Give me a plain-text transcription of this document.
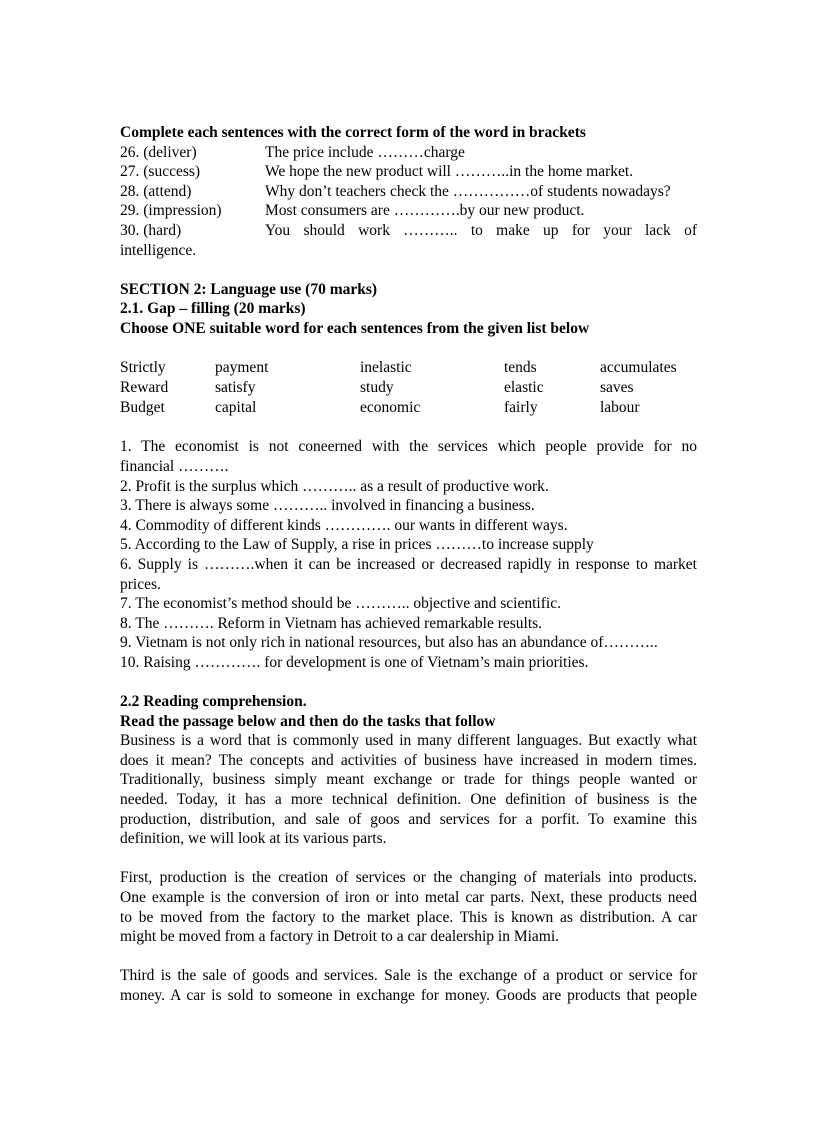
Complete each sentences with the correct form of the word in brackets

26. (deliver)	The price include ………charge
27. (success)	We hope the new product will ………..in the home market.
28. (attend)	Why don’t teachers check the ……………of students nowadays?
29. (impression)	Most consumers are ………….by our new product.
30. (hard)	You should work ……….. to make up for your lack of

intelligence.

SECTION 2: Language use (70 marks)

2.1. Gap – filling (20 marks)

Choose ONE suitable word for each sentences from the given list below

Strictly	payment	inelastic	tends	accumulates
Reward	satisfy	study	elastic	saves
Budget	capital	economic	fairly	labour

1. The economist is not coneerned with the services which people provide for no

financial ……….

2. Profit is the surplus which ……….. as a result of productive work.

3. There is always some ……….. involved in financing a business.

4. Commodity of different kinds …………. our wants in different ways.

5. According to the Law of Supply, a rise in prices ………to increase supply

6. Supply is ……….when it can be increased or decreased rapidly in response to market

prices.

7. The economist’s method should be ……….. objective and scientific.

8. The ………. Reform in Vietnam has achieved remarkable results.

9. Vietnam is not only rich in national resources, but also has an abundance of………..

10. Raising …………. for development is one of Vietnam’s main priorities.

2.2 Reading comprehension.

Read the passage below and then do the tasks that follow

Business is a word that is commonly used in many different languages. But exactly what

does it mean? The concepts and activities of business have increased in modern times.

Traditionally, business simply meant exchange or trade for things people wanted or

needed. Today, it has a more technical definition. One definition of business is the

production, distribution, and sale of goos and services for a porfit. To examine this

definition, we will look at its various parts.

First, production is the creation of services or the changing of materials into products.

One example is the conversion of iron or into metal car parts. Next, these products need

to be moved from the factory to the market place. This is known as distribution. A car

might be moved from a factory in Detroit to a car dealership in Miami.

Third is the sale of goods and services. Sale is the exchange of a product or service for

money. A car is sold to someone in exchange for money. Goods are products that people
